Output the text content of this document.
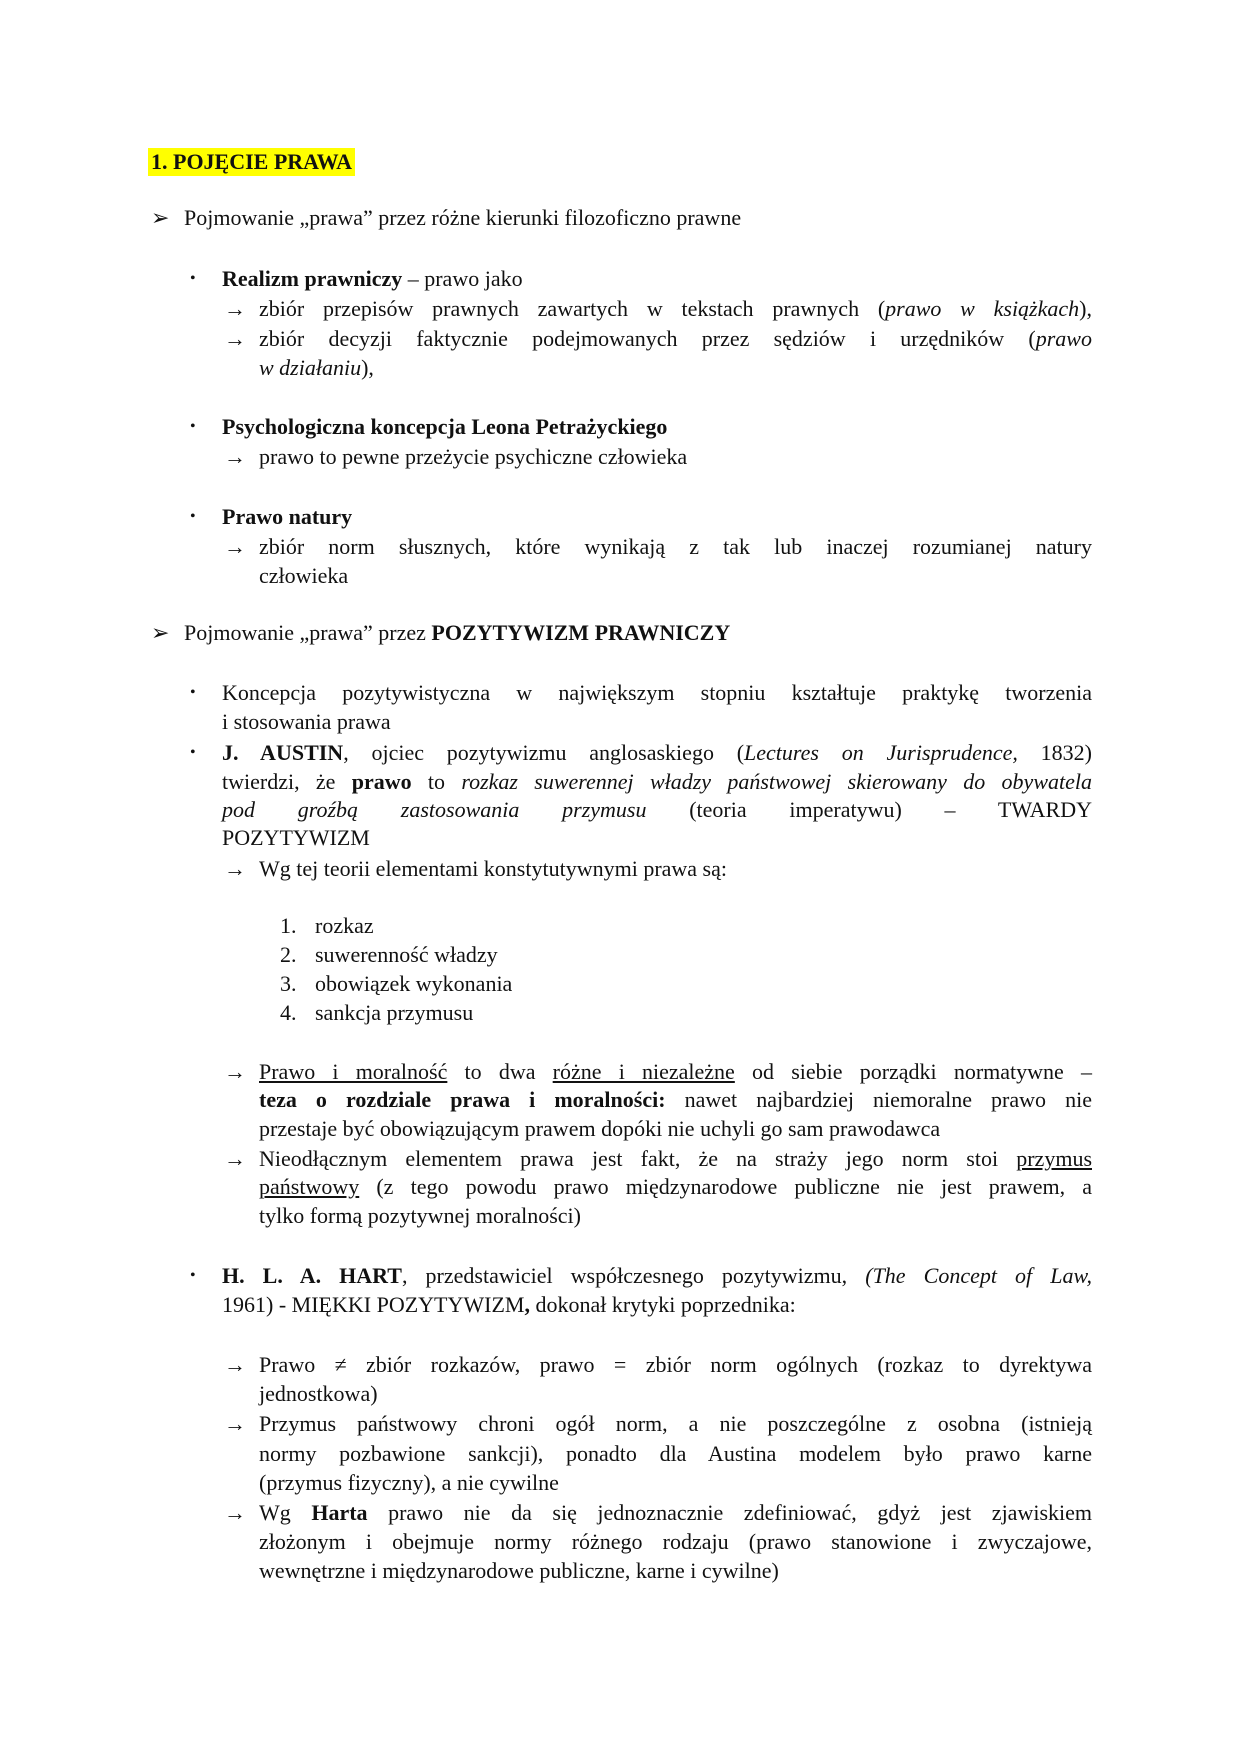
1. POJĘCIE PRAWA
➢ Pojmowanie „prawa” przez różne kierunki filozoficzno prawne
• Realizm prawniczy – prawo jako
→ zbiór przepisów prawnych zawartych w tekstach prawnych (prawo w książkach),
→ zbiór decyzji faktycznie podejmowanych przez sędziów i urzędników (prawo
w działaniu),
• Psychologiczna koncepcja Leona Petrażyckiego
→ prawo to pewne przeżycie psychiczne człowieka
• Prawo natury
→ zbiór norm słusznych, które wynikają z tak lub inaczej rozumianej natury
człowieka
➢ Pojmowanie „prawa” przez POZYTYWIZM PRAWNICZY
• Koncepcja pozytywistyczna w największym stopniu kształtuje praktykę tworzenia
i stosowania prawa
• J. AUSTIN, ojciec pozytywizmu anglosaskiego (Lectures on Jurisprudence, 1832)
twierdzi, że prawo to rozkaz suwerennej władzy państwowej skierowany do obywatela
pod groźbą zastosowania przymusu (teoria imperatywu) – TWARDY
POZYTYWIZM
→ Wg tej teorii elementami konstytutywnymi prawa są:
1. rozkaz
2. suwerenność władzy
3. obowiązek wykonania
4. sankcja przymusu
→ Prawo i moralność to dwa różne i niezależne od siebie porządki normatywne –
teza o rozdziale prawa i moralności: nawet najbardziej niemoralne prawo nie
przestaje być obowiązującym prawem dopóki nie uchyli go sam prawodawca
→ Nieodłącznym elementem prawa jest fakt, że na straży jego norm stoi przymus
państwowy (z tego powodu prawo międzynarodowe publiczne nie jest prawem, a
tylko formą pozytywnej moralności)
• H. L. A. HART, przedstawiciel współczesnego pozytywizmu, (The Concept of Law,
1961) - MIĘKKI POZYTYWIZM, dokonał krytyki poprzednika:
→ Prawo ≠ zbiór rozkazów, prawo = zbiór norm ogólnych (rozkaz to dyrektywa
jednostkowa)
→ Przymus państwowy chroni ogół norm, a nie poszczególne z osobna (istnieją
normy pozbawione sankcji), ponadto dla Austina modelem było prawo karne
(przymus fizyczny), a nie cywilne
→ Wg Harta prawo nie da się jednoznacznie zdefiniować, gdyż jest zjawiskiem
złożonym i obejmuje normy różnego rodzaju (prawo stanowione i zwyczajowe,
wewnętrzne i międzynarodowe publiczne, karne i cywilne)
